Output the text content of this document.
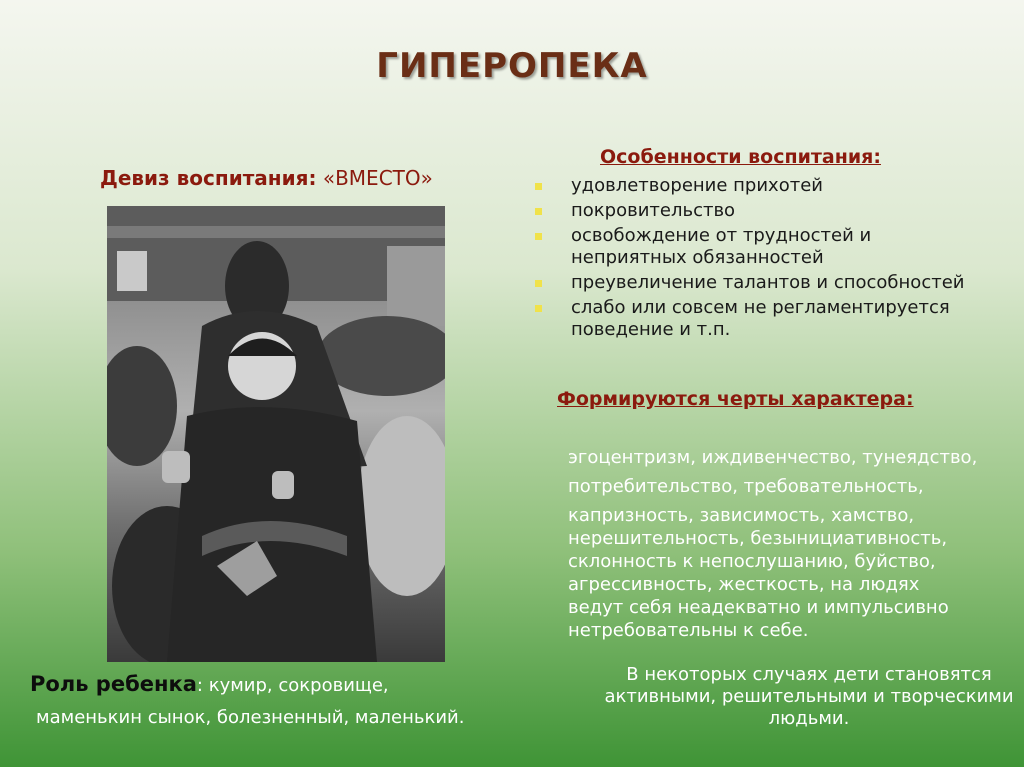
ГИПЕРОПЕКА
Девиз воспитания: «ВМЕСТО»
Особенности воспитания:
удовлетворение прихотей
покровительство
освобождение от трудностей и неприятных обязанностей
преувеличение талантов и способностей
слабо или совсем не регламентируется поведение и т.п.
Формируются черты характера:
эгоцентризм, иждивенчество, тунеядство,
потребительство, требовательность,
капризность, зависимость, хамство,
нерешительность, безынициативность,
склонность к непослушанию, буйство,
агрессивность, жесткость, на людях
ведут себя неадекватно и импульсивно
нетребовательны к себе.
Роль ребенка: кумир, сокровище,
маменькин сынок, болезненный, маленький.
В некоторых случаях дети становятся активными, решительными и творческими людьми.
